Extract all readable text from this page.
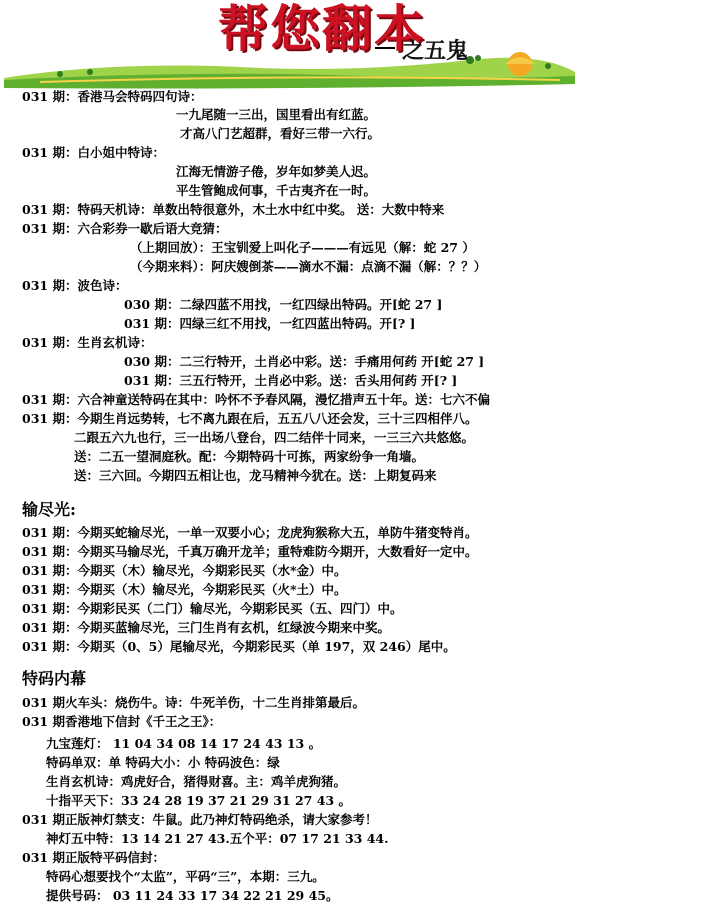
帮您翻本
之五鬼
031 期：香港马会特码四句诗：
一九尾随一三出，国里看出有红蓝。
才高八门艺超群，看好三带一六行。
031 期：白小姐中特诗：
江海无情游子倦，岁年如梦美人迟。
平生管鲍成何事，千古夷齐在一时。
031 期：特码天机诗：单数出特很意外，木土水中红中奖。 送：大数中特来
031 期：六合彩券一歇后语大竞猜：
（上期回放）：王宝钏爱上叫化子———有远见（解：蛇 27 ）
（今期来料）：阿庆嫂倒茶——滴水不漏：点滴不漏（解：？？）
031 期：波色诗：
030 期：二绿四蓝不用找，一红四绿出特码。开[蛇 27 ]
031 期：四绿三红不用找，一红四蓝出特码。开[? ]
031 期：生肖玄机诗：
030 期：二三行特开，土肖必中彩。送：手痛用何药 开[蛇 27 ]
031 期：三五行特开，土肖必中彩。送：舌头用何药 开[? ]
031 期：六合神童送特码在其中：吟怀不予春风隔，漫忆措声五十年。送：七六不偏
031 期：今期生肖远势转，七不离九跟在后，五五八八还会发，三十三四相伴八。
二跟五六九也行，三一出场八登台，四二结伴十同来，一三三六共悠悠。
送：二五一望洞庭秋。配：今期特码十可拣，两家纷争一角墙。
送：三六回。今期四五相让也，龙马精神今犹在。送：上期复码来
输尽光:
031 期：今期买蛇输尽光，一单一双要小心；龙虎狗猴称大五，单防牛猪变特肖。
031 期：今期买马输尽光，千真万确开龙羊；重特难防今期开，大数看好一定中。
031 期：今期买（木）输尽光，今期彩民买（水*金）中。
031 期：今期买（木）输尽光，今期彩民买（火*土）中。
031 期：今期彩民买（二门）输尽光，今期彩民买（五、四门）中。
031 期：今期买蓝输尽光，三门生肖有玄机，红绿波今期来中奖。
031 期：今期买（0、5）尾输尽光，今期彩民买（单 197，双 246）尾中。
特码内幕
031 期火车头：烧伤牛。诗：牛死羊伤，十二生肖排第最后。
031 期香港地下信封《千王之王》：
九宝莲灯： 11 04 34 08 14 17 24 43 13 。
特码单双：单 特码大小：小 特码波色：绿
生肖玄机诗：鸡虎好合，猪得财喜。主：鸡羊虎狗猪。
十指平天下：33 24 28 19 37 21 29 31 27 43 。
031 期正版神灯禁支：牛鼠。此乃神灯特码绝杀，请大家参考！
神灯五中特：13 14 21 27 43.五个平：07 17 21 33 44.
031 期正版特平码信封：
特码心想要找个“太监”，平码“三”，本期：三九。
提供号码： 03 11 24 33 17 34 22 21 29 45。
